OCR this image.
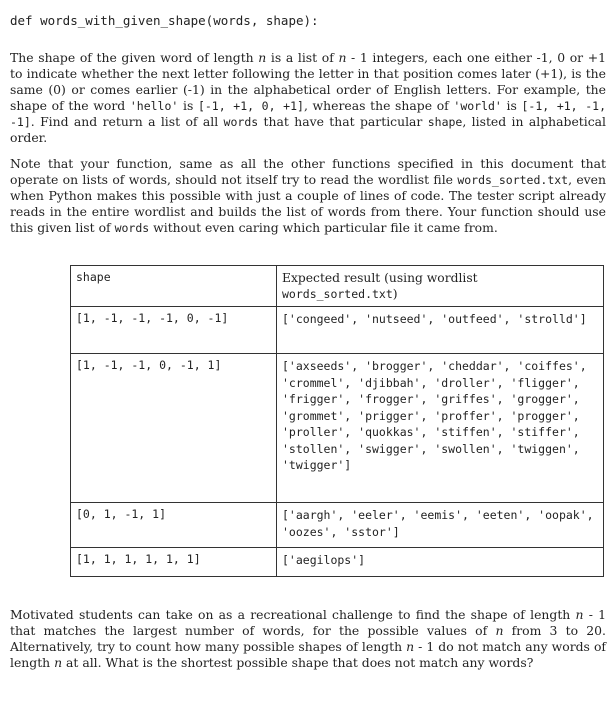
def words_with_given_shape(words, shape):

The shape of the given word of length n is a list of n - 1 integers, each one either -1, 0 or +1 to indicate whether the next letter following the letter in that position comes later (+1), is the same (0) or comes earlier (-1) in the alphabetical order of English letters. For example, the shape of the word 'hello' is [-1, +1, 0, +1], whereas the shape of 'world' is [-1, +1, -1, -1]. Find and return a list of all words that have that particular shape, listed in alphabetical order.

Note that your function, same as all the other functions specified in this document that operate on lists of words, should not itself try to read the wordlist file words_sorted.txt, even when Python makes this possible with just a couple of lines of code. The tester script already reads in the entire wordlist and builds the list of words from there. Your function should use this given list of words without even caring which particular file it came from.

shape	Expected result (using wordlist
words_sorted.txt)
[1, -1, -1, -1, 0, -1]	['congeed', 'nutseed', 'outfeed', 'strolld']
[1, -1, -1, 0, -1, 1]	['axseeds', 'brogger', 'cheddar', 'coiffes', 'crommel', 'djibbah', 'droller', 'fligger', 'frigger', 'frogger', 'griffes', 'grogger', 'grommet', 'prigger', 'proffer', 'progger', 'proller', 'quokkas', 'stiffen', 'stiffer', 'stollen', 'swigger', 'swollen', 'twiggen', 'twigger']
[0, 1, -1, 1]	['aargh', 'eeler', 'eemis', 'eeten', 'oopak', 'oozes', 'sstor']
[1, 1, 1, 1, 1, 1]	['aegilops']

Motivated students can take on as a recreational challenge to find the shape of length n - 1 that matches the largest number of words, for the possible values of n from 3 to 20. Alternatively, try to count how many possible shapes of length n - 1 do not match any words of length n at all. What is the shortest possible shape that does not match any words?
